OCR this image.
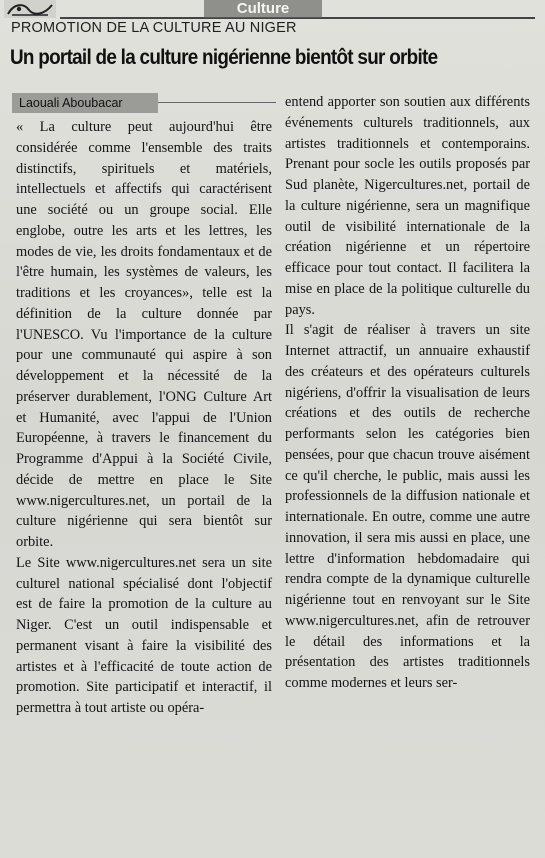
Culture
PROMOTION DE LA CULTURE AU NIGER
Un portail de la culture nigérienne bientôt sur orbite
Laouali Aboubacar

« La culture peut aujourd'hui être considérée comme l'ensemble des traits distinctifs, spirituels et matériels, intellectuels et affectifs qui caractérisent une société ou un groupe social. Elle englobe, outre les arts et les lettres, les modes de vie, les droits fondamentaux et de l'être humain, les systèmes de valeurs, les traditions et les croyances», telle est la définition de la culture donnée par l'UNESCO. Vu l'importance de la culture pour une communauté qui aspire à son développement et la nécessité de la préserver durablement, l'ONG Culture Art et Humanité, avec l'appui de l'Union Européenne, à travers le financement du Programme d'Appui à la Société Civile, décide de mettre en place le Site www.nigercultures.net, un portail de la culture nigérienne qui sera bientôt sur orbite.

Le Site www.nigercultures.net sera un site culturel national spécialisé dont l'objectif est de faire la promotion de la culture au Niger. C'est un outil indispensable et permanent visant à faire la visibilité des artistes et à l'efficacité de toute action de promotion. Site participatif et interactif, il permettra à tout artiste ou opéra-

entend apporter son soutien aux différents événements culturels traditionnels, aux artistes traditionnels et contemporains. Prenant pour socle les outils proposés par Sud planète, Nigercultures.net, portail de la culture nigérienne, sera un magnifique outil de visibilité internationale de la création nigérienne et un répertoire efficace pour tout contact. Il facilitera la mise en place de la politique culturelle du pays.

Il s'agit de réaliser à travers un site Internet attractif, un annuaire exhaustif des créateurs et des opérateurs culturels nigériens, d'offrir la visualisation de leurs créations et des outils de recherche performants selon les catégories bien pensées, pour que chacun trouve aisément ce qu'il cherche, le public, mais aussi les professionnels de la diffusion nationale et internationale. En outre, comme une autre innovation, il sera mis aussi en place, une lettre d'information hebdomadaire qui rendra compte de la dynamique culturelle nigérienne tout en renvoyant sur le Site www.nigercultures.net, afin de retrouver le détail des informations et la présentation des artistes traditionnels comme modernes et leurs ser-
